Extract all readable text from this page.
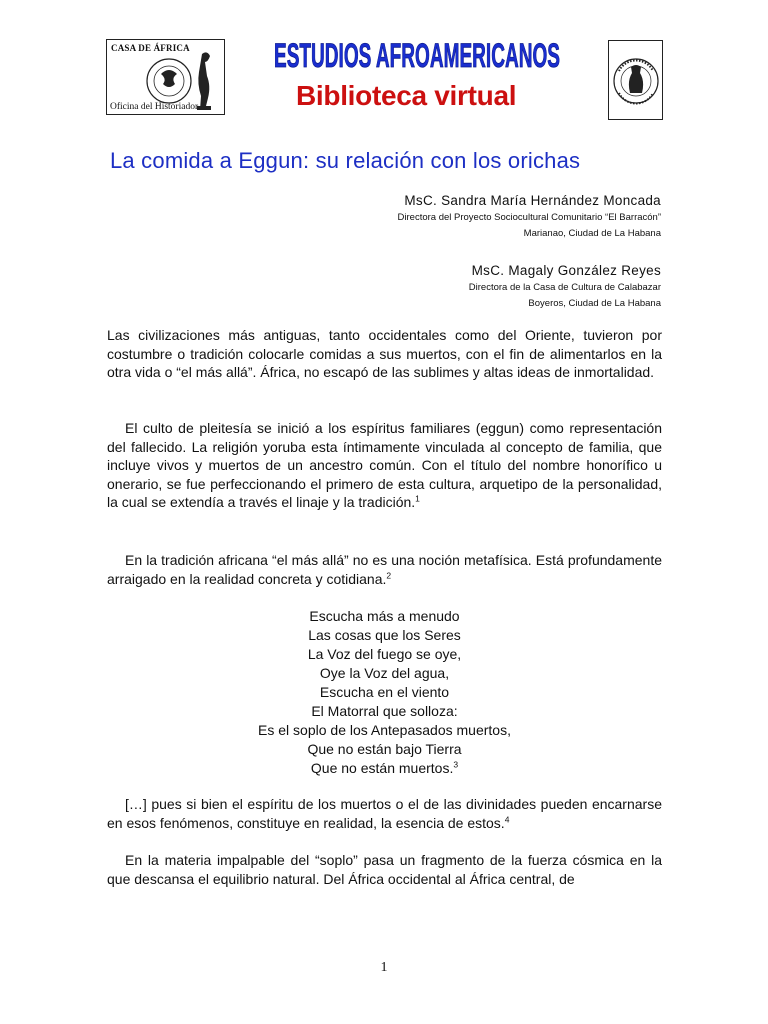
CASA DE ÁFRICA
Oficina del Historiador
ESTUDIOS AFROAMERICANOS
Biblioteca virtual
La comida a Eggun: su relación con los orichas
MsC. Sandra María Hernández Moncada
Directora del Proyecto Sociocultural Comunitario “El Barracón”
Marianao, Ciudad de La Habana
MsC. Magaly González Reyes
Directora de la Casa de Cultura de Calabazar
Boyeros, Ciudad de La Habana

Las civilizaciones más antiguas, tanto occidentales como del Oriente, tuvieron por costumbre o tradición colocarle comidas a sus muertos, con el fin de alimentarlos en la otra vida o “el más allá”. África, no escapó de las sublimes y altas ideas de inmortalidad.

El culto de pleitesía se inició a los espíritus familiares (eggun) como representación del fallecido. La religión yoruba esta íntimamente vinculada al concepto de familia, que incluye vivos y muertos de un ancestro común. Con el título del nombre honorífico u onerario, se fue perfeccionando el primero de esta cultura, arquetipo de la personalidad, la cual se extendía a través el linaje y la tradición.$^1$

En la tradición africana “el más allá” no es una noción metafísica. Está profundamente arraigado en la realidad concreta y cotidiana.$^2$

Escucha más a menudo
Las cosas que los Seres
La Voz del fuego se oye,
Oye la Voz del agua,
Escucha en el viento
El Matorral que solloza:
Es el soplo de los Antepasados muertos,
Que no están bajo Tierra
Que no están muertos.$^3$

[…] pues si bien el espíritu de los muertos o el de las divinidades pueden encarnarse en esos fenómenos, constituye en realidad, la esencia de estos.$^4$

En la materia impalpable del “soplo” pasa un fragmento de la fuerza cósmica en la que descansa el equilibrio natural. Del África occidental al África central, de

1
